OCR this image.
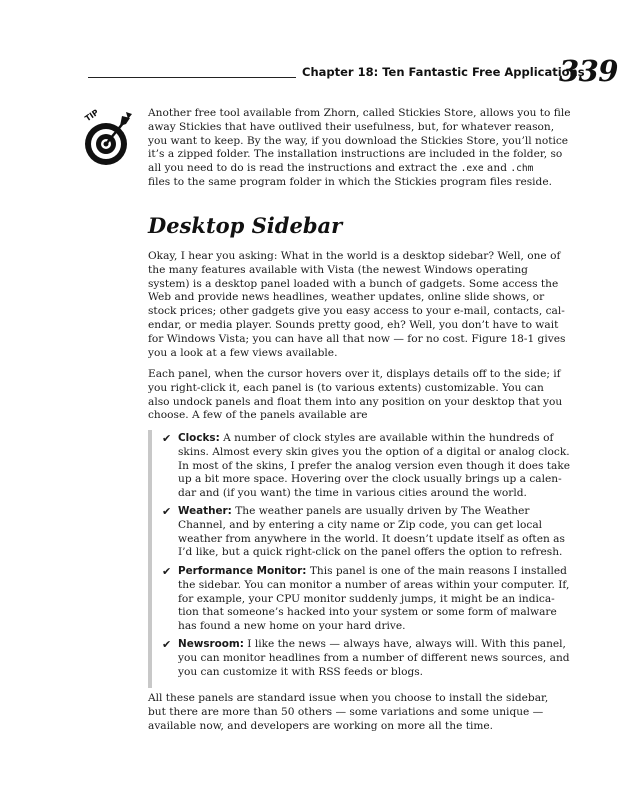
Chapter 18: Ten Fantastic Free Applications
339
TIP	Another free tool available from Zhorn, called Stickies Store, allows you to file
away Stickies that have outlived their usefulness, but, for whatever reason,
you want to keep. By the way, if you download the Stickies Store, you’ll notice
it’s a zipped folder. The installation instructions are included in the folder, so
all you need to do is read the instructions and extract the .exe and .chm
files to the same program folder in which the Stickies program files reside.

Desktop Sidebar

Okay, I hear you asking: What in the world is a desktop sidebar? Well, one of
the many features available with Vista (the newest Windows operating
system) is a desktop panel loaded with a bunch of gadgets. Some access the
Web and provide news headlines, weather updates, online slide shows, or
stock prices; other gadgets give you easy access to your e-mail, contacts, cal-
endar, or media player. Sounds pretty good, eh? Well, you don’t have to wait
for Windows Vista; you can have all that now — for no cost. Figure 18-1 gives
you a look at a few views available.

Each panel, when the cursor hovers over it, displays details off to the side; if
you right-click it, each panel is (to various extents) customizable. You can
also undock panels and float them into any position on your desktop that you
choose. A few of the panels available are

✔ Clocks: A number of clock styles are available within the hundreds of
skins. Almost every skin gives you the option of a digital or analog clock.
In most of the skins, I prefer the analog version even though it does take
up a bit more space. Hovering over the clock usually brings up a calen-
dar and (if you want) the time in various cities around the world.
✔ Weather: The weather panels are usually driven by The Weather
Channel, and by entering a city name or Zip code, you can get local
weather from anywhere in the world. It doesn’t update itself as often as
I’d like, but a quick right-click on the panel offers the option to refresh.
✔ Performance Monitor: This panel is one of the main reasons I installed
the sidebar. You can monitor a number of areas within your computer. If,
for example, your CPU monitor suddenly jumps, it might be an indica-
tion that someone’s hacked into your system or some form of malware
has found a new home on your hard drive.
✔ Newsroom: I like the news — always have, always will. With this panel,
you can monitor headlines from a number of different news sources, and
you can customize it with RSS feeds or blogs.

All these panels are standard issue when you choose to install the sidebar,
but there are more than 50 others — some variations and some unique —
available now, and developers are working on more all the time.
